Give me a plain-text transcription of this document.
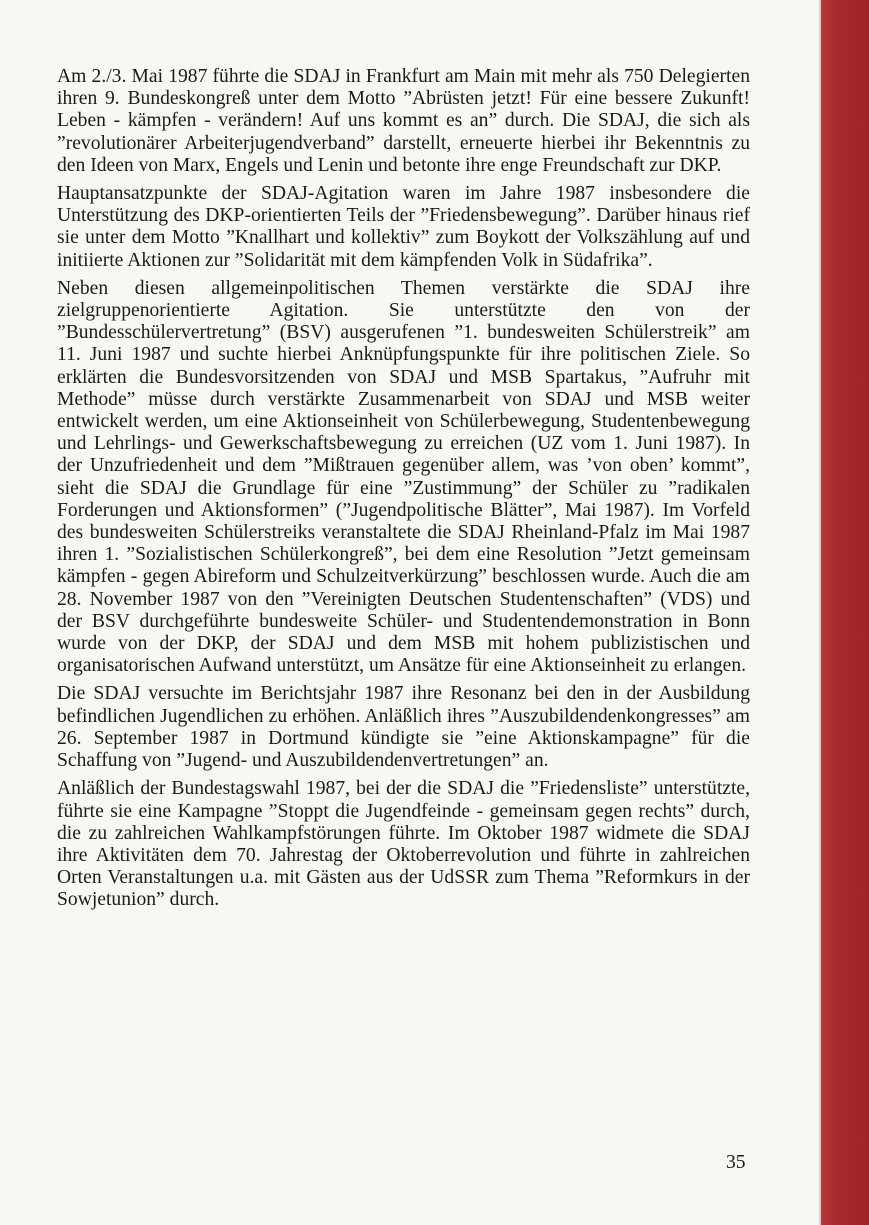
Am 2./3. Mai 1987 führte die SDAJ in Frankfurt am Main mit mehr als 750 Delegierten ihren 9. Bundeskongreß unter dem Motto ”Abrüsten jetzt! Für eine bessere Zukunft! Leben - kämpfen - verändern! Auf uns kommt es an” durch. Die SDAJ, die sich als ”revolutionärer Arbeiterjugendverband” darstellt, erneuerte hierbei ihr Bekenntnis zu den Ideen von Marx, Engels und Lenin und betonte ihre enge Freundschaft zur DKP.

Hauptansatzpunkte der SDAJ-Agitation waren im Jahre 1987 insbesondere die Unterstützung des DKP-orientierten Teils der ”Friedensbewegung”. Darüber hinaus rief sie unter dem Motto ”Knallhart und kollektiv” zum Boykott der Volkszählung auf und initiierte Aktionen zur ”Solidarität mit dem kämpfenden Volk in Südafrika”.

Neben diesen allgemeinpolitischen Themen verstärkte die SDAJ ihre zielgruppenorientierte Agitation. Sie unterstützte den von der ”Bundesschülervertretung” (BSV) ausgerufenen ”1. bundesweiten Schülerstreik” am 11. Juni 1987 und suchte hierbei Anknüpfungspunkte für ihre politischen Ziele. So erklärten die Bundesvorsitzenden von SDAJ und MSB Spartakus, ”Aufruhr mit Methode” müsse durch verstärkte Zusammenarbeit von SDAJ und MSB weiter entwickelt werden, um eine Aktionseinheit von Schülerbewegung, Studentenbewegung und Lehrlings- und Gewerkschaftsbewegung zu erreichen (UZ vom 1. Juni 1987). In der Unzufriedenheit und dem ”Mißtrauen gegenüber allem, was ’von oben’ kommt”, sieht die SDAJ die Grundlage für eine ”Zustimmung” der Schüler zu ”radikalen Forderungen und Aktionsformen” (”Jugendpolitische Blätter”, Mai 1987). Im Vorfeld des bundesweiten Schülerstreiks veranstaltete die SDAJ Rheinland-Pfalz im Mai 1987 ihren 1. ”Sozialistischen Schülerkongreß”, bei dem eine Resolution ”Jetzt gemeinsam kämpfen - gegen Abireform und Schulzeitverkürzung” beschlossen wurde. Auch die am 28. November 1987 von den ”Vereinigten Deutschen Studentenschaften” (VDS) und der BSV durchgeführte bundesweite Schüler- und Studentendemonstration in Bonn wurde von der DKP, der SDAJ und dem MSB mit hohem publizistischen und organisatorischen Aufwand unterstützt, um Ansätze für eine Aktionseinheit zu erlangen.

Die SDAJ versuchte im Berichtsjahr 1987 ihre Resonanz bei den in der Ausbildung befindlichen Jugendlichen zu erhöhen. Anläßlich ihres ”Auszubildendenkongresses” am 26. September 1987 in Dortmund kündigte sie ”eine Aktionskampagne” für die Schaffung von ”Jugend- und Auszubildendenvertretungen” an.

Anläßlich der Bundestagswahl 1987, bei der die SDAJ die ”Friedensliste” unterstützte, führte sie eine Kampagne ”Stoppt die Jugendfeinde - gemeinsam gegen rechts” durch, die zu zahlreichen Wahlkampfstörungen führte. Im Oktober 1987 widmete die SDAJ ihre Aktivitäten dem 70. Jahrestag der Oktoberrevolution und führte in zahlreichen Orten Veranstaltungen u.a. mit Gästen aus der UdSSR zum Thema ”Reformkurs in der Sowjetunion” durch.

35
